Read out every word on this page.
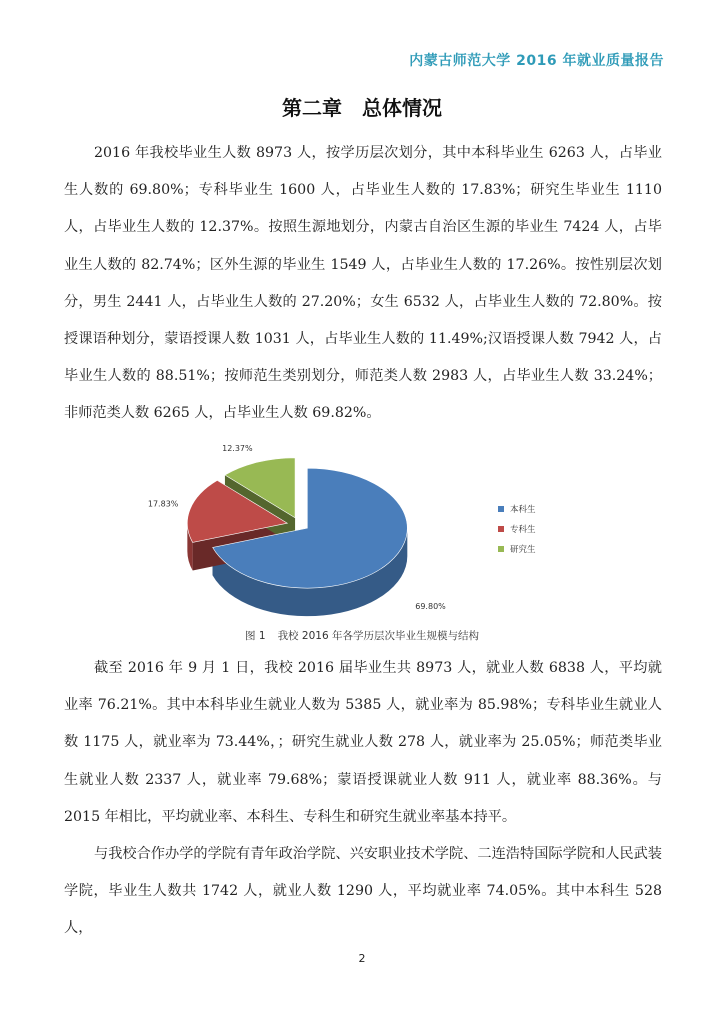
内蒙古师范大学 2016 年就业质量报告
第二章　总体情况

2016 年我校毕业生人数 8973 人，按学历层次划分，其中本科毕业生 6263 人，占毕业生人数的 69.80%；专科毕业生 1600 人，占毕业生人数的 17.83%；研究生毕业生 1110 人，占毕业生人数的 12.37%。按照生源地划分，内蒙古自治区生源的毕业生 7424 人，占毕业生人数的 82.74%；区外生源的毕业生 1549 人，占毕业生人数的 17.26%。按性别层次划分，男生 2441 人，占毕业生人数的 27.20%；女生 6532 人，占毕业生人数的 72.80%。按授课语种划分，蒙语授课人数 1031 人，占毕业生人数的 11.49%;汉语授课人数 7942 人，占毕业生人数的 88.51%；按师范生类别划分，师范类人数 2983 人，占毕业生人数 33.24%；非师范类人数 6265 人，占毕业生人数 69.82%。

69.80%
17.83%
12.37%
本科生
专科生
研究生
图 1 我校 2016 年各学历层次毕业生规模与结构

截至 2016 年 9 月 1 日，我校 2016 届毕业生共 8973 人，就业人数 6838 人，平均就业率 76.21%。其中本科毕业生就业人数为 5385 人，就业率为 85.98%；专科毕业生就业人数 1175 人，就业率为 73.44%，；研究生就业人数 278 人，就业率为 25.05%；师范类毕业生就业人数 2337 人，就业率 79.68%；蒙语授课就业人数 911 人，就业率 88.36%。与 2015 年相比，平均就业率、本科生、专科生和研究生就业率基本持平。

与我校合作办学的学院有青年政治学院、兴安职业技术学院、二连浩特国际学院和人民武装学院，毕业生人数共 1742 人，就业人数 1290 人，平均就业率 74.05%。其中本科生 528 人，

2
